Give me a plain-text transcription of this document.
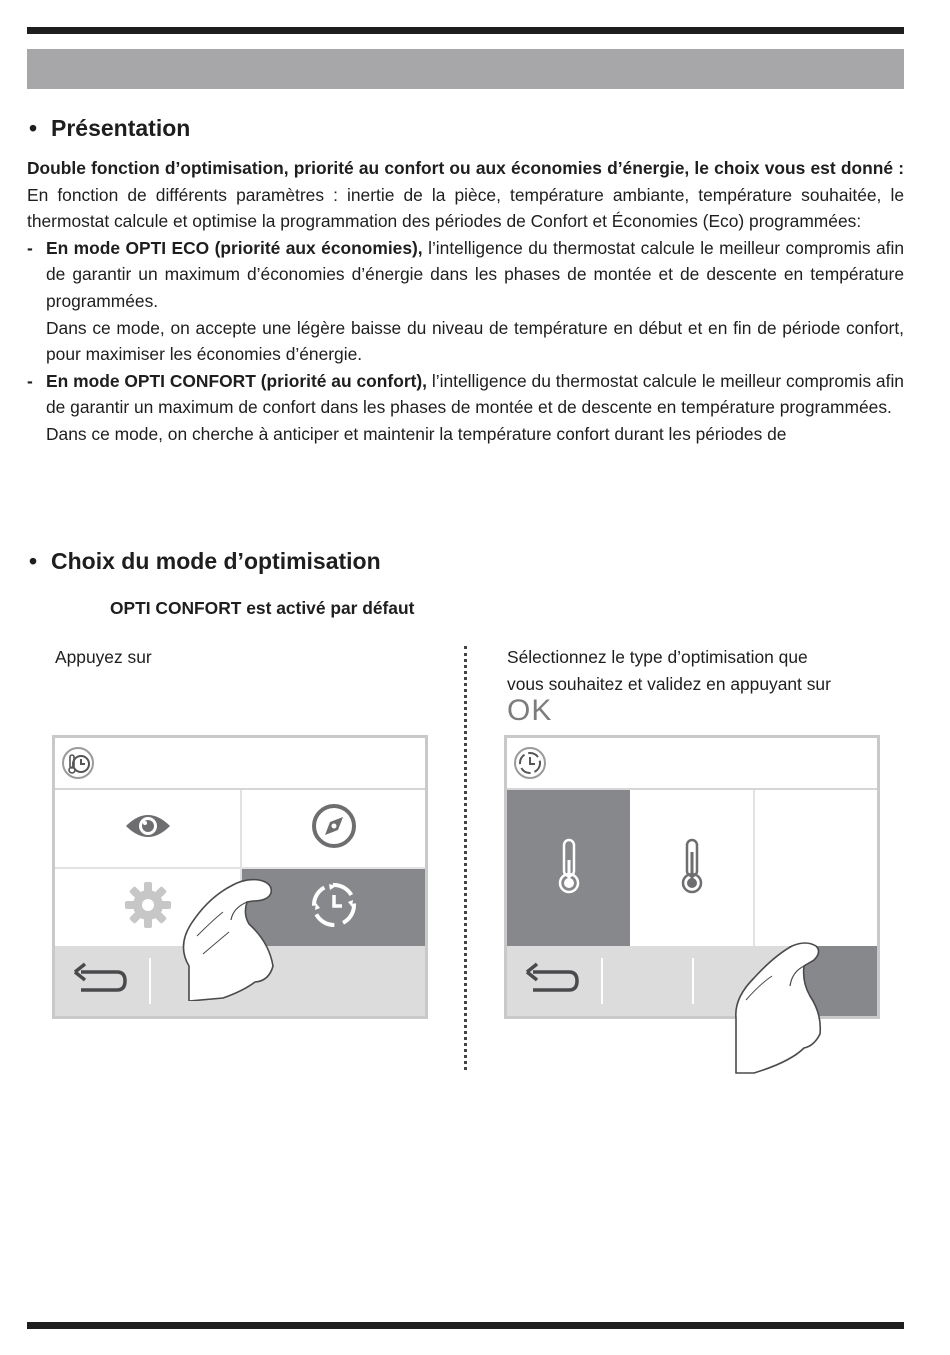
• Présentation

Double fonction d’optimisation, priorité au confort ou aux économies d’énergie, le choix vous est donné : En fonction de différents paramètres : inertie de la pièce, température ambiante, température souhaitée, le thermostat calcule et optimise la programmation des périodes de Confort et Économies (Eco) programmées:

- En mode OPTI ECO (priorité aux économies), l’intelligence du thermostat calcule le meilleur compromis afin de garantir un maximum d’économies d’énergie dans les phases de montée et de descente en température programmées.

Dans ce mode, on accepte une légère baisse du niveau de température en début et en fin de période confort, pour maximiser les économies d’énergie.

- En mode OPTI CONFORT (priorité au confort), l’intelligence du thermostat calcule le meilleur compromis afin de garantir un maximum de confort dans les phases de montée et de descente en température programmées.

Dans ce mode, on cherche à anticiper et maintenir la température confort durant les périodes de

• Choix du mode d’optimisation
OPTI CONFORT est activé par défaut
Appuyez sur	Sélectionnez le type d’optimisation que
vous souhaitez et validez en appuyant sur
OK
